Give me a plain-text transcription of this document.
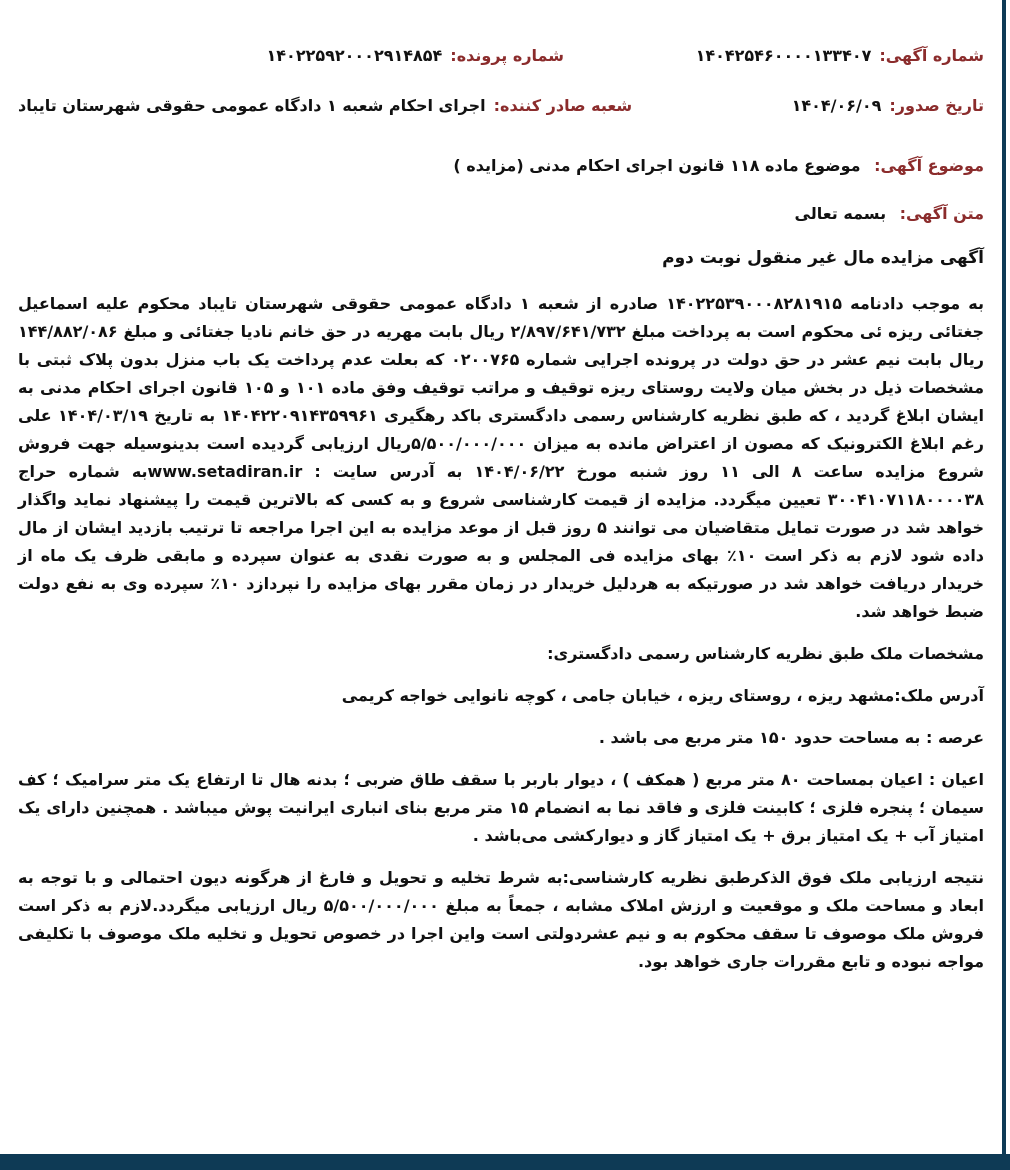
شماره آگهی:
۱۴۰۴۲۵۴۶۰۰۰۰۱۳۳۴۰۷
شماره پرونده:
۱۴۰۲۲۵۹۲۰۰۰۲۹۱۴۸۵۴
تاریخ صدور:
۱۴۰۴/۰۶/۰۹
شعبه صادر کننده:
اجرای احکام شعبه ۱ دادگاه عمومی حقوقی شهرستان تایباد
موضوع آگهی: موضوع ماده ۱۱۸ قانون اجرای احکام مدنی (مزایده )
متن آگهی: بسمه تعالی

آگهی مزایده مال غیر منقول نوبت دوم

به موجب دادنامه ۱۴۰۲۲۵۳۹۰۰۰۸۲۸۱۹۱۵ صادره از شعبه ۱ دادگاه عمومی حقوقی شهرستان تایباد محکوم علیه اسماعیل جغتائی ریزه ئی محکوم است به پرداخت مبلغ ۲/۸۹۷/۶۴۱/۷۳۲ ریال بابت مهریه در حق خانم نادیا جغتائی و مبلغ ۱۴۴/۸۸۲/۰۸۶ ریال بابت نیم عشر در حق دولت در پرونده اجرایی شماره ۰۲۰۰۷۶۵ که بعلت عدم پرداخت یک باب منزل بدون پلاک ثبتی با مشخصات ذیل در بخش میان ولایت روستای ریزه توقیف و مراتب توقیف وفق ماده ۱۰۱ و ۱۰۵ قانون اجرای احکام مدنی به ایشان ابلاغ گردید ، که طبق نظریه کارشناس رسمی دادگستری باکد رهگیری ۱۴۰۴۲۲۰۹۱۴۳۵۹۹۶۱ به تاریخ ۱۴۰۴/۰۳/۱۹ علی رغم ابلاغ الکترونیک که مصون از اعتراض مانده به میزان ۵/۵۰۰/۰۰۰/۰۰۰ریال ارزیابی گردیده است بدینوسیله جهت فروش شروع مزایده ساعت ۸ الی ۱۱ روز شنبه مورخ ۱۴۰۴/۰۶/۲۲ به آدرس سایت : www.setadiran.irبه شماره حراج ۳۰۰۴۱۰۷۱۱۸۰۰۰۰۳۸ تعیین میگردد. مزایده از قیمت کارشناسی شروع و به کسی که بالاترین قیمت را پیشنهاد نماید واگذار خواهد شد در صورت تمایل متقاضیان می توانند ۵ روز قبل از موعد مزایده به این اجرا مراجعه تا ترتیب بازدید ایشان از مال داده شود لازم به ذکر است ۱۰٪ بهای مزایده فی المجلس و به صورت نقدی به عنوان سپرده و مابقی ظرف یک ماه از خریدار دریافت خواهد شد در صورتیکه به هردلیل خریدار در زمان مقرر بهای مزایده را نپردازد ۱۰٪ سپرده وی به نفع دولت ضبط خواهد شد.

مشخصات ملک طبق نظریه کارشناس رسمی دادگستری:

آدرس ملک:مشهد ریزه ، روستای ریزه ، خیابان جامی ، کوچه نانوایی خواجه کریمی

عرصه : به مساحت حدود ۱۵۰ متر مربع می باشد .

اعیان : اعیان بمساحت ۸۰ متر مربع ( همکف ) ، دیوار باربر با سقف طاق ضربی ؛ بدنه هال تا ارتفاع یک متر سرامیک ؛ کف سیمان ؛ پنجره فلزی ؛ کابینت فلزی و فاقد نما به انضمام ۱۵ متر مربع بنای انباری ایرانیت پوش میباشد . همچنین دارای یک امتیاز آب + یک امتیاز برق + یک امتیاز گاز و دیوارکشی می‌باشد .

نتیجه ارزیابی ملک فوق الذکرطبق نظریه کارشناسی:به شرط تخلیه و تحویل و فارغ از هرگونه دیون احتمالی و با توجه به ابعاد و مساحت ملک و موقعیت و ارزش املاک مشابه ، جمعاً به مبلغ ۵/۵۰۰/۰۰۰/۰۰۰ ریال ارزیابی میگردد.لازم به ذکر است فروش ملک موصوف تا سقف محکوم به و نیم عشردولتی است واین اجرا در خصوص تحویل و تخلیه ملک موصوف با تکلیفی مواجه نبوده و تابع مقررات جاری خواهد بود.
